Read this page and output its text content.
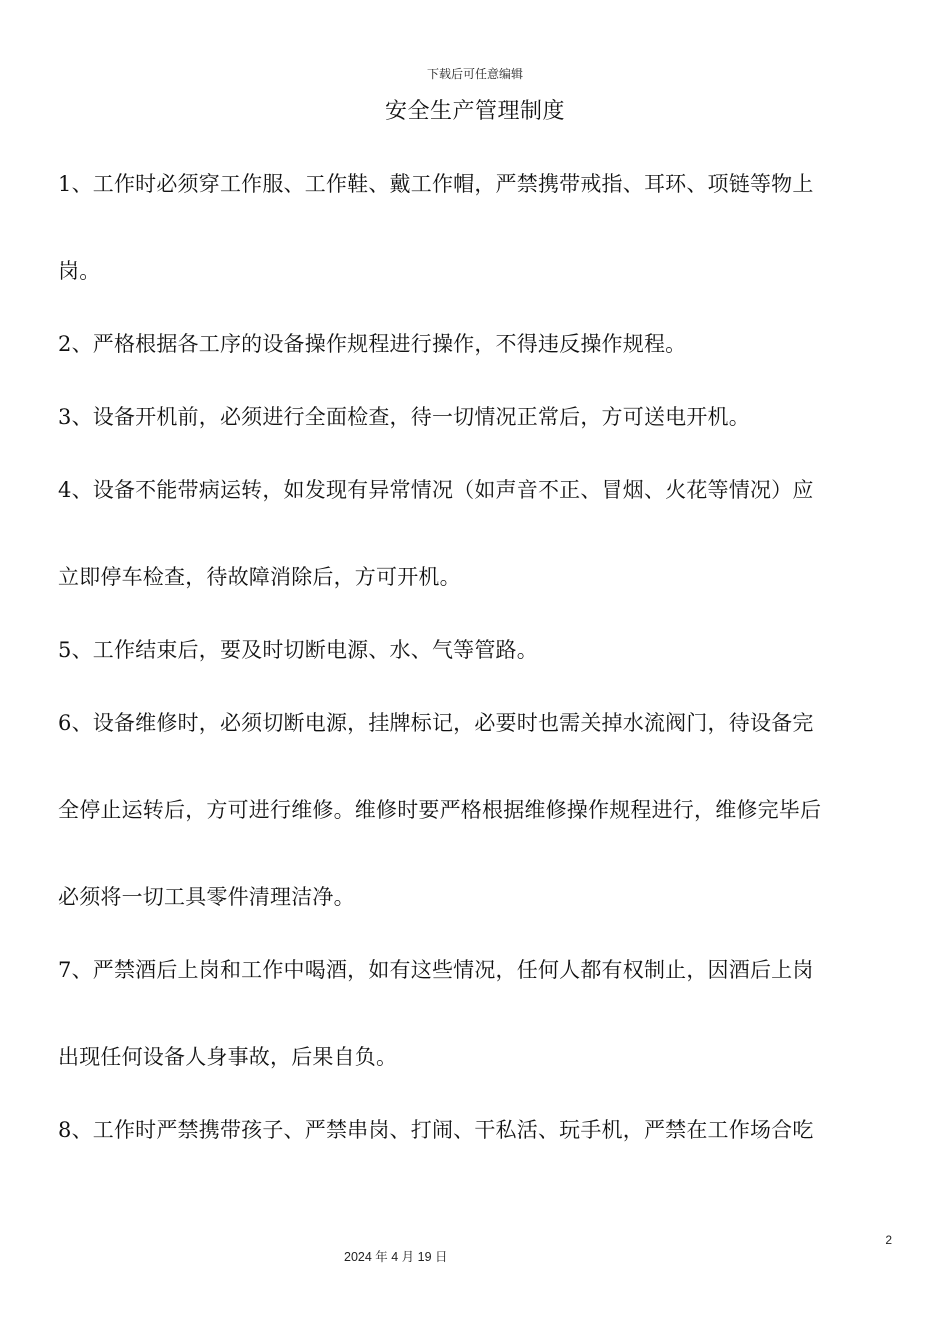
下载后可任意编辑
安全生产管理制度
1、工作时必须穿工作服、工作鞋、戴工作帽，严禁携带戒指、耳环、项链等物上
岗。
2、严格根据各工序的设备操作规程进行操作，不得违反操作规程。
3、设备开机前，必须进行全面检查，待一切情况正常后，方可送电开机。
4、设备不能带病运转，如发现有异常情况（如声音不正、冒烟、火花等情况）应
立即停车检查，待故障消除后，方可开机。
5、工作结束后，要及时切断电源、水、气等管路。
6、设备维修时，必须切断电源，挂牌标记，必要时也需关掉水流阀门，待设备完
全停止运转后，方可进行维修。维修时要严格根据维修操作规程进行，维修完毕后
必须将一切工具零件清理洁净。
7、严禁酒后上岗和工作中喝酒，如有这些情况，任何人都有权制止，因酒后上岗
出现任何设备人身事故，后果自负。
8、工作时严禁携带孩子、严禁串岗、打闹、干私活、玩手机，严禁在工作场合吃
2
2024 年 4 月 19 日
